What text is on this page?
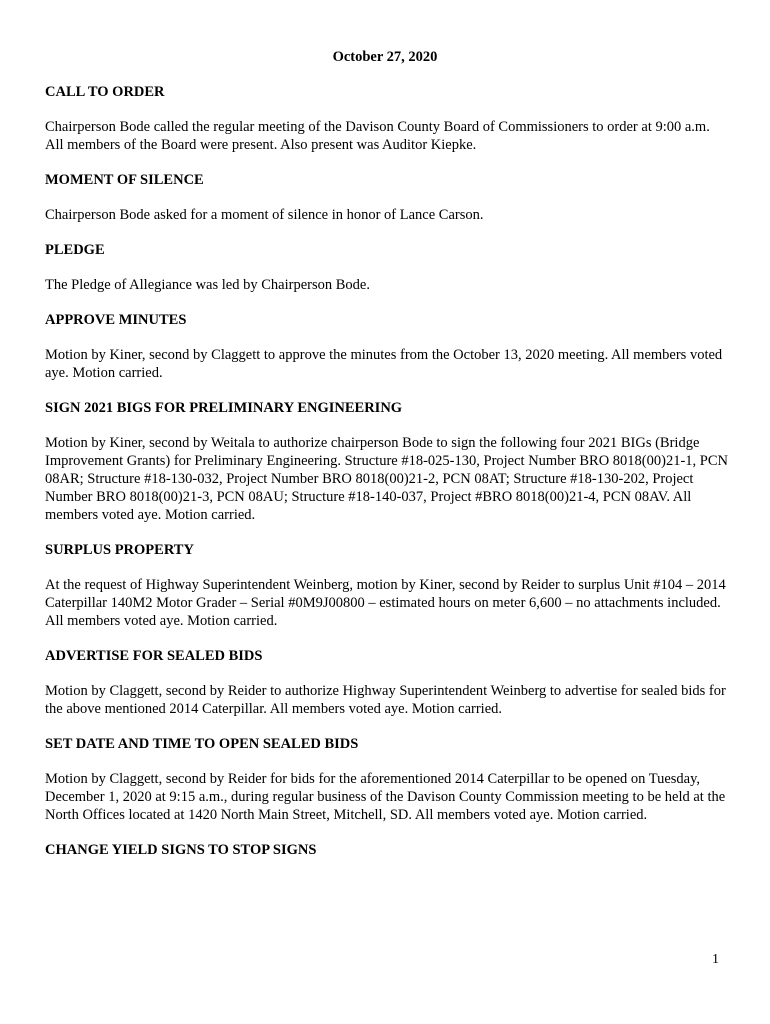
October 27, 2020
CALL TO ORDER
Chairperson Bode called the regular meeting of the Davison County Board of Commissioners to order at 9:00 a.m. All members of the Board were present. Also present was Auditor Kiepke.
MOMENT OF SILENCE
Chairperson Bode asked for a moment of silence in honor of Lance Carson.
PLEDGE
The Pledge of Allegiance was led by Chairperson Bode.
APPROVE MINUTES
Motion by Kiner, second by Claggett to approve the minutes from the October 13, 2020 meeting. All members voted aye. Motion carried.
SIGN 2021 BIGS FOR PRELIMINARY ENGINEERING
Motion by Kiner, second by Weitala to authorize chairperson Bode to sign the following four 2021 BIGs (Bridge Improvement Grants) for Preliminary Engineering. Structure #18-025-130, Project Number BRO 8018(00)21-1, PCN 08AR; Structure #18-130-032, Project Number BRO 8018(00)21-2, PCN 08AT; Structure #18-130-202, Project Number BRO 8018(00)21-3, PCN 08AU; Structure #18-140-037, Project #BRO 8018(00)21-4, PCN 08AV. All members voted aye. Motion carried.
SURPLUS PROPERTY
At the request of Highway Superintendent Weinberg, motion by Kiner, second by Reider to surplus Unit #104 – 2014 Caterpillar 140M2 Motor Grader – Serial #0M9J00800 – estimated hours on meter 6,600 – no attachments included. All members voted aye. Motion carried.
ADVERTISE FOR SEALED BIDS
Motion by Claggett, second by Reider to authorize Highway Superintendent Weinberg to advertise for sealed bids for the above mentioned 2014 Caterpillar. All members voted aye. Motion carried.
SET DATE AND TIME TO OPEN SEALED BIDS
Motion by Claggett, second by Reider for bids for the aforementioned 2014 Caterpillar to be opened on Tuesday, December 1, 2020 at 9:15 a.m., during regular business of the Davison County Commission meeting to be held at the North Offices located at 1420 North Main Street, Mitchell, SD. All members voted aye. Motion carried.
CHANGE YIELD SIGNS TO STOP SIGNS
1
